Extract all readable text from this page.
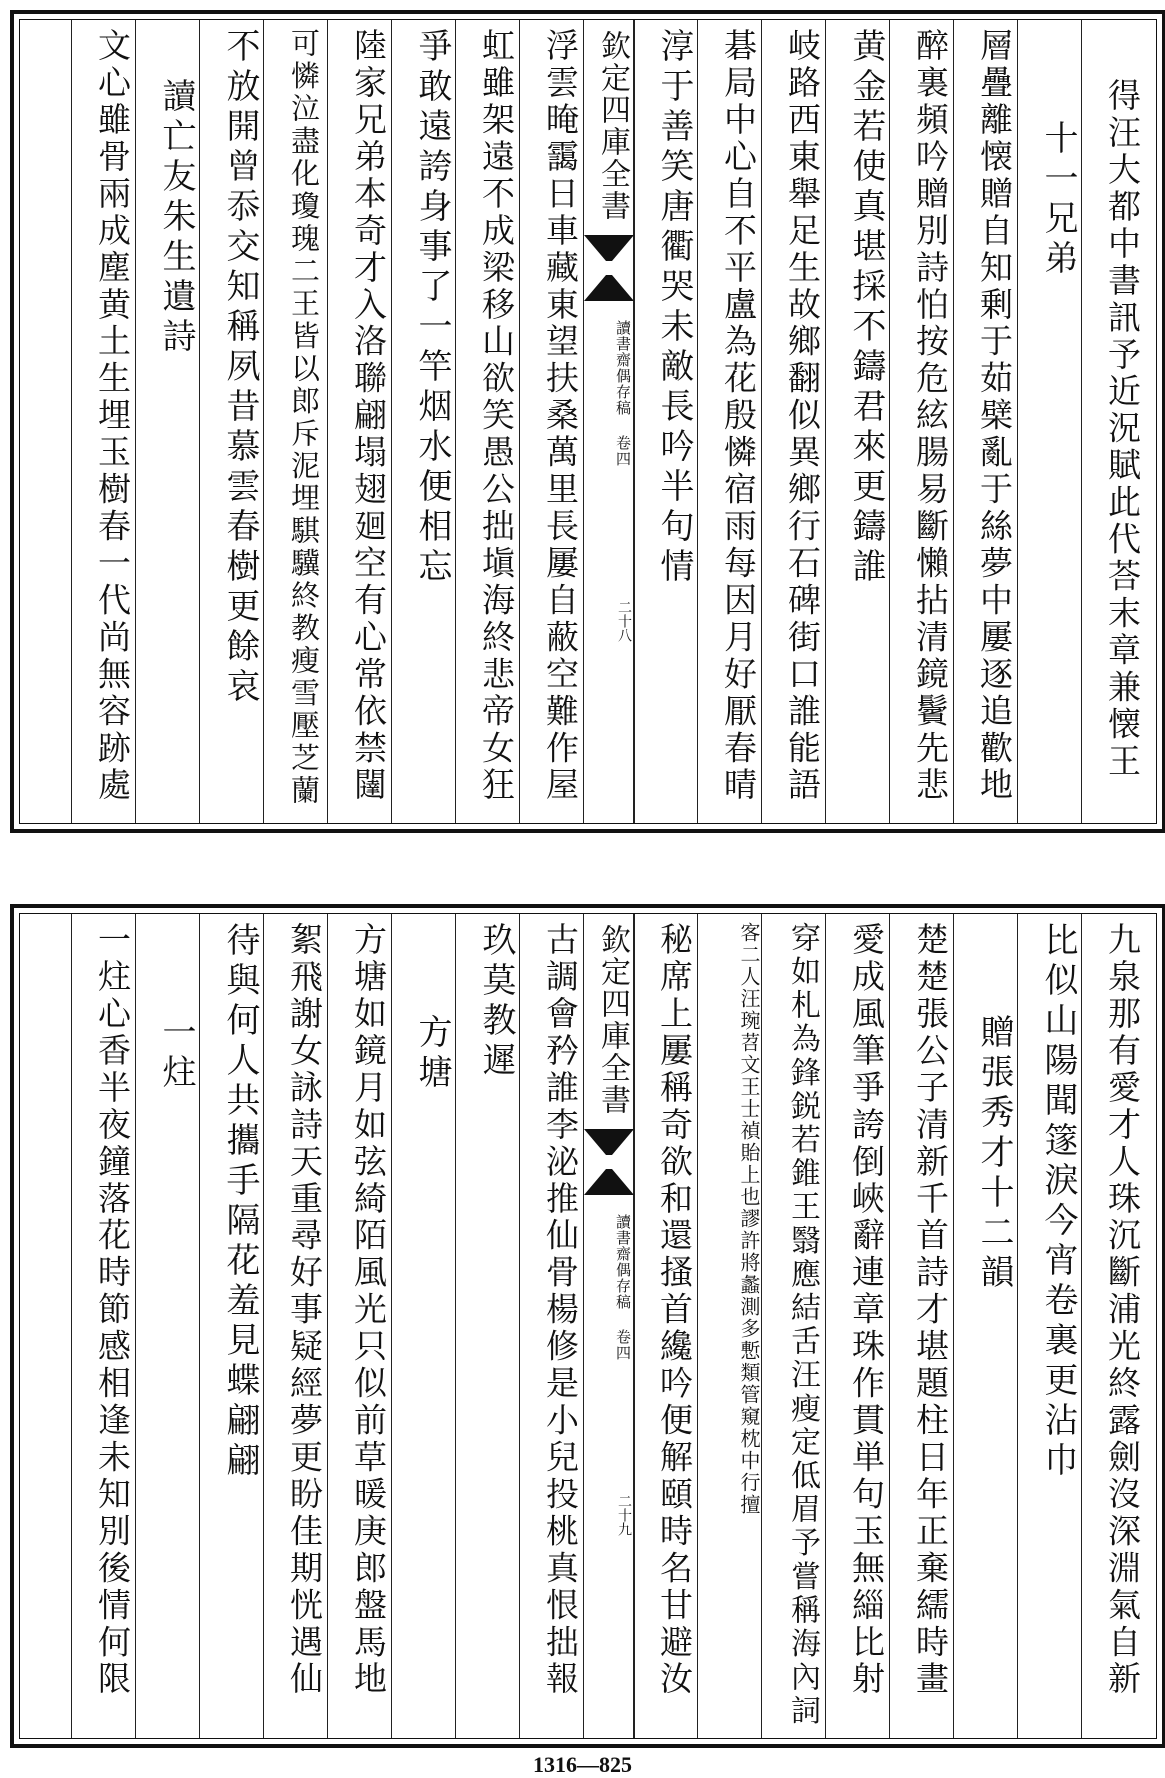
得汪大都中書訊予近況賦此代荅末章兼懐王
十一兄弟
層疊離懐贈自知剰于茹檗亂于絲夢中屢逐追歡地
醉裏頻吟贈別詩怕按危絃腸易斷懶拈清鏡鬢先悲
黄金若使真堪採不鑄君來更鑄誰
岐路西東舉足生故鄉翻似異鄉行石碑街口誰能語
碁局中心自不平盧為花殷憐宿雨每因月好厭春晴
淳于善笑唐衢哭未敵長吟半句情
欽定四庫全書
讀書齋偶存稿 卷四
二十八
浮雲晻靄日車藏東望扶桑萬里長屢自蔽空難作屋
虹雖架遠不成梁移山欲笑愚公拙塡海終悲帝女狂
爭敢遠誇身事了一竿烟水便相忘
陸家兄弟本奇才入洛聯翩塌翅廻空有心常依禁闥
可憐泣盡化瓊瑰二王皆以郎斥泥埋騏驥終教瘦雪壓芝蘭
不放開曾忝交知稱夙昔慕雲春樹更餘哀
讀亡友朱生遺詩
文心雖骨兩成塵黄土生埋玉樹春一代尚無容跡處
九泉那有愛才人珠沉斷浦光終露劍沒深淵氣自新
比似山陽聞篴淚今宵卷裏更沾巾
贈張秀才十二韻
楚楚張公子清新千首詩才堪題柱日年正棄繻時畫
愛成風筆爭誇倒峽辭連章珠作貫単句玉無緇比射
穿如札為鋒鋭若錐王翳應結舌汪瘦定低眉予嘗稱海內詞
客二人汪琬苕文王士禎貽上也謬許將蠡測多慙類管窺枕中行擅
秘席上屢稱奇欲和還搔首纔吟便解頤時名甘避汝
欽定四庫全書
讀書齋偶存稿 卷四
二十九
古調會矜誰李泌推仙骨楊修是小兒投桃真恨拙報
玖莫教遲
方塘
方塘如鏡月如弦綺陌風光只似前草暖庚郎盤馬地
絮飛謝女詠詩天重尋好事疑經夢更盼佳期恍遇仙
待與何人共攜手隔花羞見蝶翩翩
一炷
一炷心香半夜鐘落花時節感相逢未知別後情何限
1316—825
